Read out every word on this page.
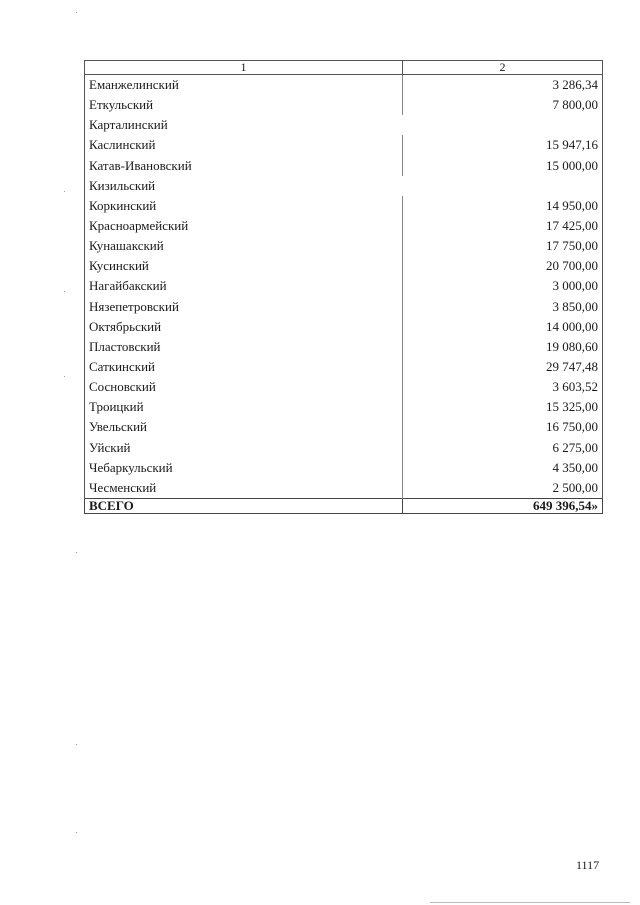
1	2
Еманжелинский	3 286,34
Еткульский	7 800,00
Карталинский	
Каслинский	15 947,16
Катав-Ивановский	15 000,00
Кизильский	
Коркинский	14 950,00
Красноармейский	17 425,00
Кунашакский	17 750,00
Кусинский	20 700,00
Нагайбакский	3 000,00
Нязепетровский	3 850,00
Октябрьский	14 000,00
Пластовский	19 080,60
Саткинский	29 747,48
Сосновский	3 603,52
Троицкий	15 325,00
Увельский	16 750,00
Уйский	6 275,00
Чебаркульский	4 350,00
Чесменский	2 500,00
ВСЕГО	649 396,54»
1117
